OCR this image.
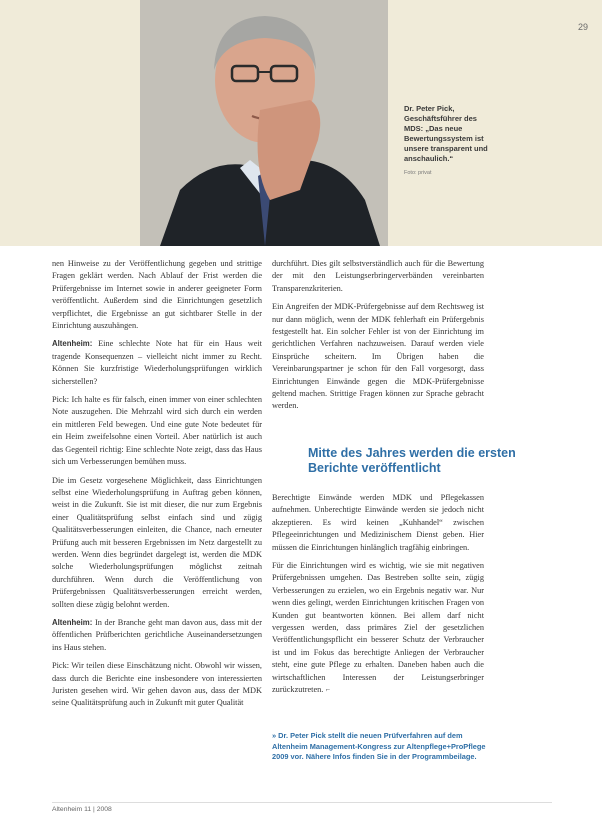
29
Dr. Peter Pick, Geschäftsführer des MDS: „Das neue Bewertungssystem ist unsere transparent und anschaulich.“
Foto: privat

nen Hinweise zu der Veröffentlichung gegeben und strittige Fragen geklärt werden. Nach Ablauf der Frist werden die Prüfergebnisse im Internet sowie in anderer geeigneter Form veröffentlicht. Außerdem sind die Einrichtungen gesetzlich verpflichtet, die Ergebnisse an gut sichtbarer Stelle in der Einrichtung auszuhängen.

Altenheim: Eine schlechte Note hat für ein Haus weit tragende Konsequenzen – vielleicht nicht immer zu Recht. Können Sie kurzfristige Wiederholungsprüfungen wirklich sicherstellen?

Pick: Ich halte es für falsch, einen immer von einer schlechten Note auszugehen. Die Mehrzahl wird sich durch ein werden ein mittleren Feld bewegen. Und eine gute Note bedeutet für ein Heim zweifelsohne einen Vorteil. Aber natürlich ist auch das Gegenteil richtig: Eine schlechte Note zeigt, dass das Haus sich um Verbesserungen bemühen muss.

Die im Gesetz vorgesehene Möglichkeit, dass Einrichtungen selbst eine Wiederholungsprüfung in Auftrag geben können, weist in die Zukunft. Sie ist mit dieser, die nur zum Ergebnis einer Qualitätsprüfung selbst einfach sind und zügig Qualitätsverbesserungen einleiten, die Chance, nach erneuter Prüfung auch mit besseren Ergebnissen im Netz dargestellt zu werden. Wenn dies begründet dargelegt ist, werden die MDK solche Wiederholungsprüfungen möglichst zeitnah durchführen. Wenn durch die Veröffentlichung von Prüfergebnissen Qualitätsverbesserungen erreicht werden, sollten diese zügig belohnt werden.

Altenheim: In der Branche geht man davon aus, dass mit der öffentlichen Prüfberichten gerichtliche Auseinandersetzungen ins Haus stehen.

Pick: Wir teilen diese Einschätzung nicht. Obwohl wir wissen, dass durch die Berichte eine insbesondere von interessierten Juristen gesehen wird. Wir gehen davon aus, dass der MDK seine Qualitätsprüfung auch in Zukunft mit guter Qualität

durchführt. Dies gilt selbstverständlich auch für die Bewertung der mit den Leistungserbringerverbänden vereinbarten Transparenzkriterien.

Ein Angreifen der MDK-Prüfergebnisse auf dem Rechtsweg ist nur dann möglich, wenn der MDK fehlerhaft ein Prüfergebnis festgestellt hat. Ein solcher Fehler ist von der Einrichtung im gerichtlichen Verfahren nachzuweisen. Darauf werden viele Einsprüche scheitern. Im Übrigen haben die Vereinbarungspartner je schon für den Fall vorgesorgt, dass Einrichtungen Einwände gegen die MDK-Prüfergebnisse geltend machen. Strittige Fragen können zur Sprache gebracht werden.

Mitte des Jahres werden die ersten Berichte veröffentlicht

Berechtigte Einwände werden MDK und Pflegekassen aufnehmen. Unberechtigte Einwände werden sie jedoch nicht akzeptieren. Es wird keinen „Kuhhandel“ zwischen Pflegeeinrichtungen und Medizinischem Dienst geben. Hier müssen die Einrichtungen hinlänglich tragfähig einbringen.

Für die Einrichtungen wird es wichtig, wie sie mit negativen Prüfergebnissen umgehen. Das Bestreben sollte sein, zügig Verbesserungen zu erzielen, wo ein Ergebnis negativ war. Nur wenn dies gelingt, werden Einrichtungen kritischen Fragen von Kunden gut beantworten können. Bei allem darf nicht vergessen werden, dass primäres Ziel der gesetzlichen Veröffentlichungspflicht ein besserer Schutz der Verbraucher ist und im Fokus das berechtigte Anliegen der Verbraucher steht, eine gute Pflege zu erhalten. Daneben haben auch die wirtschaftlichen Interessen der Leistungserbringer zurückzutreten. ⌐

» Dr. Peter Pick stellt die neuen Prüfverfahren auf dem Altenheim Management-Kongress zur Altenpflege+ProPflege 2009 vor. Nähere Infos finden Sie in der Programmbeilage.
Altenheim 11 | 2008
